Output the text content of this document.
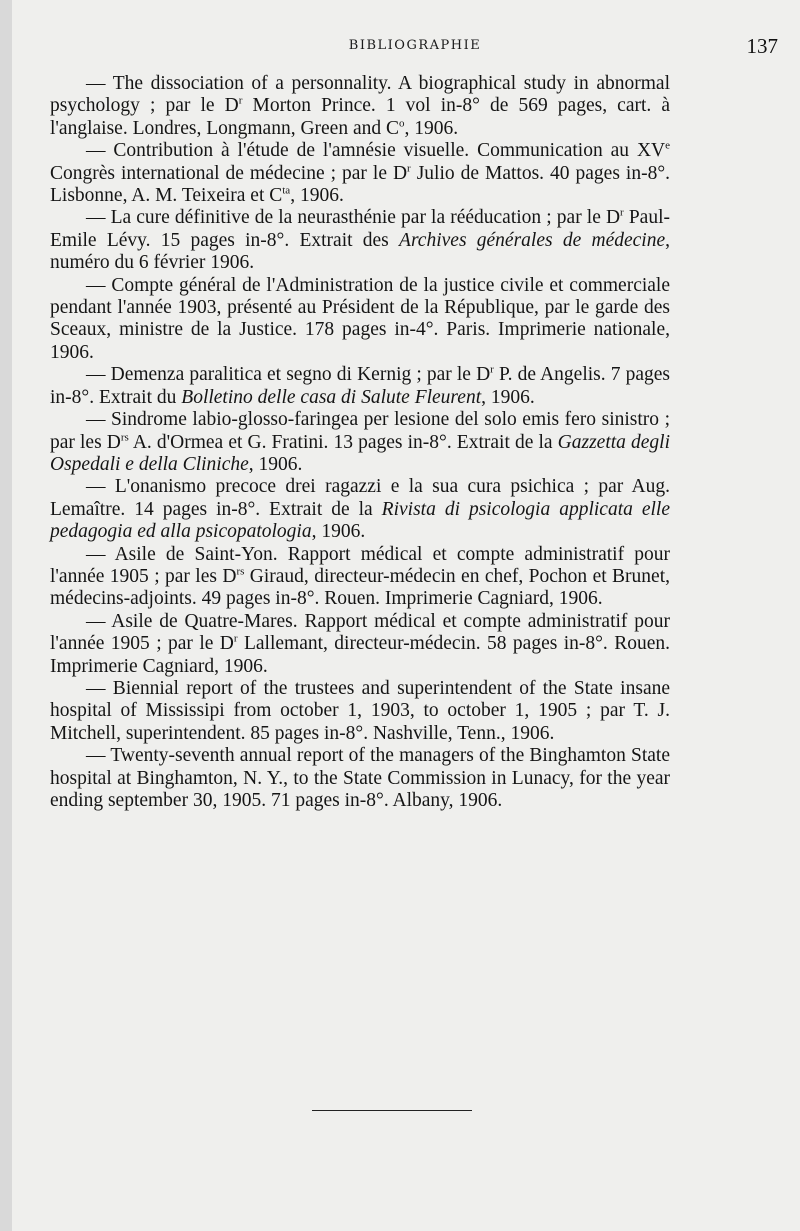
BIBLIOGRAPHIE	137

— The dissociation of a personnality. A biographical study in abnormal psychology ; par le $D^r$ Morton Prince. 1 vol in-8° de 569 pages, cart. à l'anglaise. Londres, Longmann, Green and $C^o$, 1906.

— Contribution à l'étude de l'amnésie visuelle. Communication au XVe Congrès international de médecine ; par le $D^r$ Julio de Mattos. 40 pages in-8°. Lisbonne, A. M. Teixeira et $C^{ta}$, 1906.

— La cure définitive de la neurasthénie par la rééducation ; par le $D^r$ Paul-Emile Lévy. 15 pages in-8°. Extrait des Archives générales de médecine, numéro du 6 février 1906.

— Compte général de l'Administration de la justice civile et commerciale pendant l'année 1903, présenté au Président de la République, par le garde des Sceaux, ministre de la Justice. 178 pages in-4°. Paris. Imprimerie nationale, 1906.

— Demenza paralitica et segno di Kernig ; par le $D^r$ P. de Angelis. 7 pages in-8°. Extrait du Bolletino delle casa di Salute Fleurent, 1906.

— Sindrome labio-glosso-faringea per lesione del solo emis fero sinistro ; par les $D^{rs}$ A. d'Ormea et G. Fratini. 13 pages in-8°. Extrait de la Gazzetta degli Ospedali e della Cliniche, 1906.

— L'onanismo precoce drei ragazzi e la sua cura psichica ; par Aug. Lemaître. 14 pages in-8°. Extrait de la Rivista di psicologia applicata elle pedagogia ed alla psicopatologia, 1906.

— Asile de Saint-Yon. Rapport médical et compte administratif pour l'année 1905 ; par les $D^{rs}$ Giraud, directeur-médecin en chef, Pochon et Brunet, médecins-adjoints. 49 pages in-8°. Rouen. Imprimerie Cagniard, 1906.

— Asile de Quatre-Mares. Rapport médical et compte administratif pour l'année 1905 ; par le $D^r$ Lallemant, directeur-médecin. 58 pages in-8°. Rouen. Imprimerie Cagniard, 1906.

— Biennial report of the trustees and superintendent of the State insane hospital of Mississipi from october 1, 1903, to october 1, 1905 ; par T. J. Mitchell, superintendent. 85 pages in-8°. Nashville, Tenn., 1906.

— Twenty-seventh annual report of the managers of the Binghamton State hospital at Binghamton, N. Y., to the State Commission in Lunacy, for the year ending september 30, 1905. 71 pages in-8°. Albany, 1906.
